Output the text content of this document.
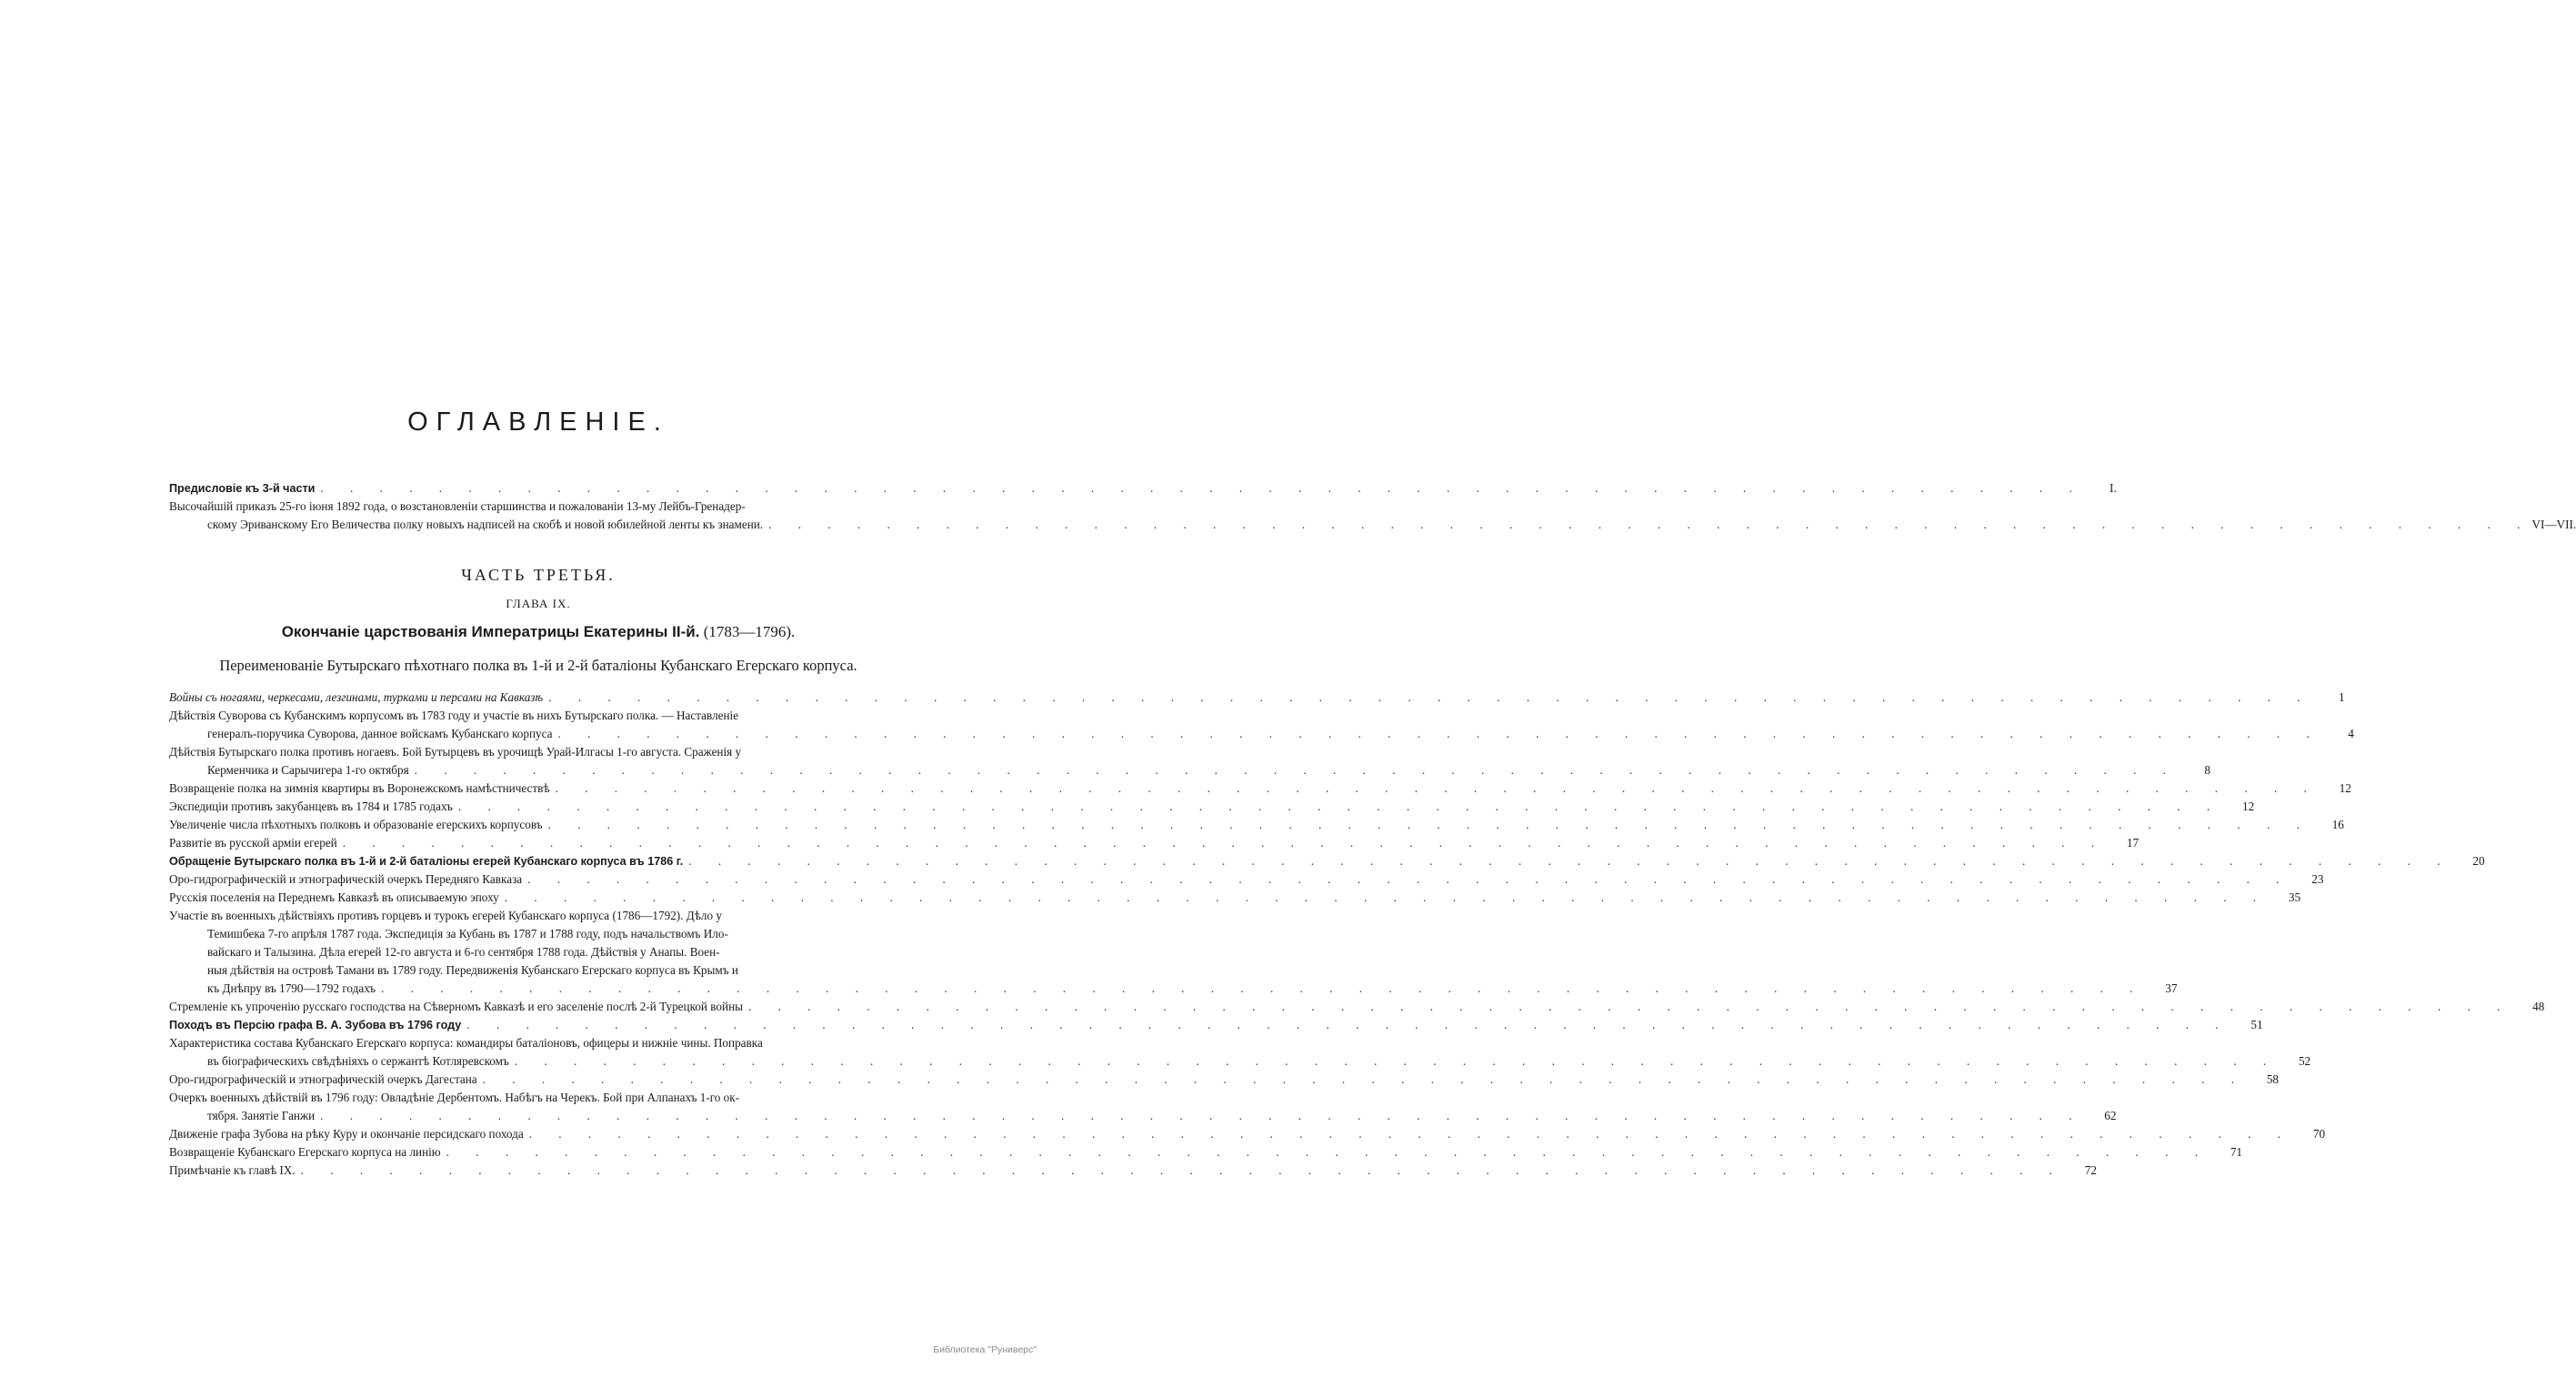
ОГЛАВЛЕНІЕ.
Предисловіе къ 3-й части . . . . . . . . . . . . . . . . . . . . . . . . . . . . . . . . . . . . . . . . . . . . . . . . . . . . . . . . . . . .	I.
Высочайшій приказъ 25-го іюня 1892 года, о возстановленіи старшинства и пожалованіи 13-му Лейбъ-Гренадер-
скому Эриванскому Его Величества полку новыхъ надписей на скобѣ и новой юбилейной ленты къ знамени. . . . . . . . . . . . . . . . . . . . . . . . . . . . . . . . . . . . . . . . . . . . . . . . . . . . . . . . . . . . . VI—VII.
ЧАСТЬ ТРЕТЬЯ.
ГЛАВА IX.
Окончаніе царствованія Императрицы Екатерины II-й. (1783—1796).
Переименованіе Бутырскаго пѣхотнаго полка въ 1-й и 2-й баталіоны Кубанскаго Егерскаго корпуса.
Войны съ ногаями, черкесами, лезгинами, турками и персами на Кавказѣ . . . . . . . . . . . . . . . . . . . . . . . . . . . . . . . . . . . . . . . . . . . . . . . . . . . . . . . . . . . .	1
Дѣйствія Суворова съ Кубанскимъ корпусомъ въ 1783 году и участіе въ нихъ Бутырскаго полка. — Наставленіе
генералъ-поручика Суворова, данное войскамъ Кубанскаго корпуса . . . . . . . . . . . . . . . . . . . . . . . . . . . . . . . . . . . . . . . . . . . . . . . . . . . . . . . . . . . .	4
Дѣйствія Бутырскаго полка противъ ногаевъ. Бой Бутырцевъ въ урочищѣ Урай-Илгасы 1-го августа. Сраженія у
Керменчика и Сарычигера 1-го октября . . . . . . . . . . . . . . . . . . . . . . . . . . . . . . . . . . . . . . . . . . . . . . . . . . . . . . . . . . . .	8
Возвращеніе полка на зимнія квартиры въ Воронежскомъ намѣстничествѣ . . . . . . . . . . . . . . . . . . . . . . . . . . . . . . . . . . . . . . . . . . . . . . . . . . . . . . . . . . . .	12
Экспедиціи противъ закубанцевъ въ 1784 и 1785 годахъ . . . . . . . . . . . . . . . . . . . . . . . . . . . . . . . . . . . . . . . . . . . . . . . . . . . . . . . . . . . .	12
Увеличеніе числа пѣхотныхъ полковъ и образованіе егерскихъ корпусовъ . . . . . . . . . . . . . . . . . . . . . . . . . . . . . . . . . . . . . . . . . . . . . . . . . . . . . . . . . . . .	16
Развитіе въ русской арміи егерей . . . . . . . . . . . . . . . . . . . . . . . . . . . . . . . . . . . . . . . . . . . . . . . . . . . . . . . . . . . .	17
Обращеніе Бутырскаго полка въ 1-й и 2-й баталіоны егерей Кубанскаго корпуса въ 1786 г. . . . . . . . . . . . . . . . . . . . . . . . . . . . . . . . . . . . . . . . . . . . . . . . . . . . . . . . . . . . .	20
Оро-гидрографическій и этнографическій очеркъ Передняго Кавказа . . . . . . . . . . . . . . . . . . . . . . . . . . . . . . . . . . . . . . . . . . . . . . . . . . . . . . . . . . . .	23
Русскія поселенія на Переднемъ Кавказѣ въ описываемую эпоху . . . . . . . . . . . . . . . . . . . . . . . . . . . . . . . . . . . . . . . . . . . . . . . . . . . . . . . . . . . .	35
Участіе въ военныхъ дѣйствіяхъ противъ горцевъ и турокъ егерей Кубанскаго корпуса (1786—1792). Дѣло у
Темишбека 7-го апрѣля 1787 года. Экспедиція за Кубань въ 1787 и 1788 году, подъ начальствомъ Ило-
вайскаго и Талызина. Дѣла егерей 12-го августа и 6-го сентября 1788 года. Дѣйствія у Анапы. Воен-
ныя дѣйствія на островѣ Тамани въ 1789 году. Передвиженія Кубанскаго Егерскаго корпуса въ Крымъ и
къ Днѣпру въ 1790—1792 годахъ . . . . . . . . . . . . . . . . . . . . . . . . . . . . . . . . . . . . . . . . . . . . . . . . . . . . . . . . . . . .	37
Стремленіе къ упроченію русскаго господства на Сѣверномъ Кавказѣ и его заселеніе послѣ 2-й Турецкой войны . . . . . . . . . . . . . . . . . . . . . . . . . . . . . . . . . . . . . . . . . . . . . . . . . . . . . . . . . . . .	48
Походъ въ Персію графа В. А. Зубова въ 1796 году . . . . . . . . . . . . . . . . . . . . . . . . . . . . . . . . . . . . . . . . . . . . . . . . . . . . . . . . . . . .	51
Характеристика состава Кубанскаго Егерскаго корпуса: командиры баталіоновъ, офицеры и нижніе чины. Поправка
въ біографическихъ свѣдѣніяхъ о сержантѣ Котляревскомъ . . . . . . . . . . . . . . . . . . . . . . . . . . . . . . . . . . . . . . . . . . . . . . . . . . . . . . . . . . . .	52
Оро-гидрографическій и этнографическій очеркъ Дагестана . . . . . . . . . . . . . . . . . . . . . . . . . . . . . . . . . . . . . . . . . . . . . . . . . . . . . . . . . . . .	58
Очеркъ военныхъ дѣйствій въ 1796 году: Овладѣніе Дербентомъ. Набѣгъ на Черекъ. Бой при Алпанахъ 1-го ок-
тября. Занятіе Ганжи . . . . . . . . . . . . . . . . . . . . . . . . . . . . . . . . . . . . . . . . . . . . . . . . . . . . . . . . . . . .	62
Движеніе графа Зубова на рѣку Куру и окончаніе персидскаго похода . . . . . . . . . . . . . . . . . . . . . . . . . . . . . . . . . . . . . . . . . . . . . . . . . . . . . . . . . . . .	70
Возвращеніе Кубанскаго Егерскаго корпуса на линію . . . . . . . . . . . . . . . . . . . . . . . . . . . . . . . . . . . . . . . . . . . . . . . . . . . . . . . . . . . .	71
Примѣчаніе къ главѣ IX. . . . . . . . . . . . . . . . . . . . . . . . . . . . . . . . . . . . . . . . . . . . . . . . . . . . . . . . . . . . .	72
Библиотека "Руниверс"
